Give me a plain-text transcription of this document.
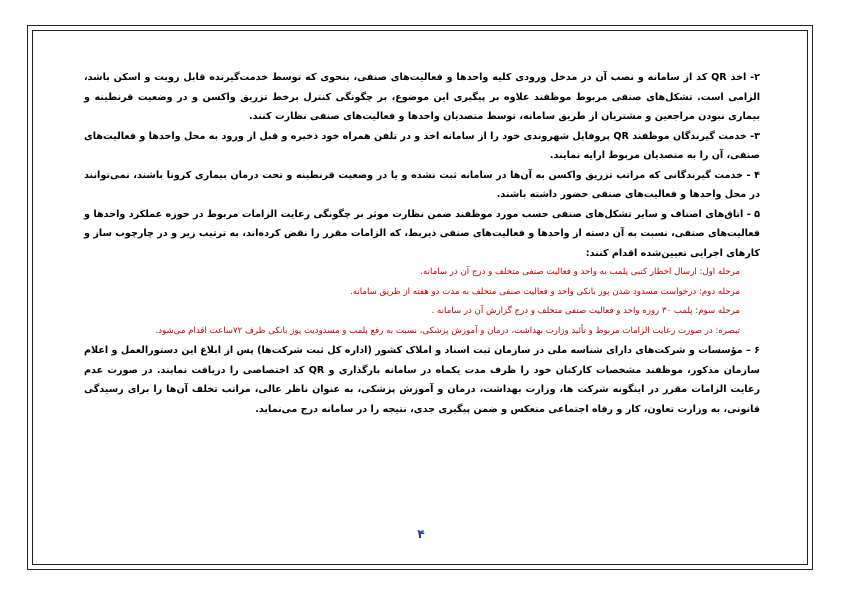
۲- اخذ QR کد از سامانه و نصب آن در مدخل ورودی کلیه واحدها و فعالیت‌های صنفی، بنحوی که توسط خدمت‌گیرنده قابل رویت و اسکن باشد، الزامی است. تشکل‌های صنفی مربوط موظفند علاوه بر پیگیری این موضوع، بر چگونگی کنترل برخط تزریق واکسن و در وضعیت قرنطینه و بیماری نبودن مراجعین و مشتریان از طریق سامانه، توسط متصدیان واحدها و فعالیت‌های صنفی نظارت کنند.

۳- خدمت گیرندگان موظفند QR پروفایل شهروندی خود را از سامانه اخذ و در تلفن همراه خود ذخیره و قبل از ورود به محل واحدها و فعالیت‌های صنفی، آن را به متصدیان مربوط ارایه نمایند.

۴ - خدمت گیرندگانی که مراتب تزریق واکسن به آن‌ها در سامانه ثبت نشده و یا در وضعیت قرنطینه و تحت درمان بیماری کرونا باشند، نمی‌توانند در محل واحدها و فعالیت‌های صنفی حضور داشته باشند.

۵ - اتاق‌های اصناف و سایر تشکل‌های صنفی حسب مورد موظفند ضمن نظارت موثر بر چگونگی رعایت الزامات مربوط در حوزه عملکرد واحدها و فعالیت‌های صنفی، نسبت به آن دسته از واحدها و فعالیت‌های صنفی ذیربط، که الزامات مقرر را نقض کرده‌اند، به ترتیب زیر و در چارچوب ساز و کارهای اجرایی تعیین‌شده اقدام کنند:

مرحله اول: ارسال اخطار کتبی پلمب به واحد و فعالیت صنفی متخلف و درج آن در سامانه.

مرحله دوم: درخواست مسدود شدن پوز بانکی واحد و فعالیت صنفی متخلف به مدت دو هفته از طریق سامانه.

مرحله سوم: پلمب ۳۰ روزه واحد و فعالیت صنفی متخلف و درج گزارش آن در سامانه .

تبصره: در صورت رعایت الزامات مربوط و تأئید وزارت بهداشت، درمان و آموزش پزشکی، نسبت به رفع پلمب و مسدودیت پوز بانکی ظرف ۷۲ساعت اقدام می‌شود.

۶ – مؤسسات و شرکت‌های دارای شناسه ملی در سازمان ثبت اسناد و املاک کشور (اداره کل ثبت شرکت‌ها) پس از ابلاغ این دستورالعمل و اعلام سازمان مذکور، موظفند مشخصات کارکنان خود را ظرف مدت یکماه در سامانه بارگذاری و QR کد اختصاصی را دریافت نمایند. در صورت عدم رعایت الزامات مقرر در اینگونه شرکت ها، وزارت بهداشت، درمان و آموزش پزشکی، به عنوان ناظر عالی، مراتب تخلف آن‌ها را برای رسیدگی قانونی، به وزارت تعاون، کار و رفاه اجتماعی منعکس و ضمن پیگیری جدی، نتیجه را در سامانه درج می‌نماید.

۴
